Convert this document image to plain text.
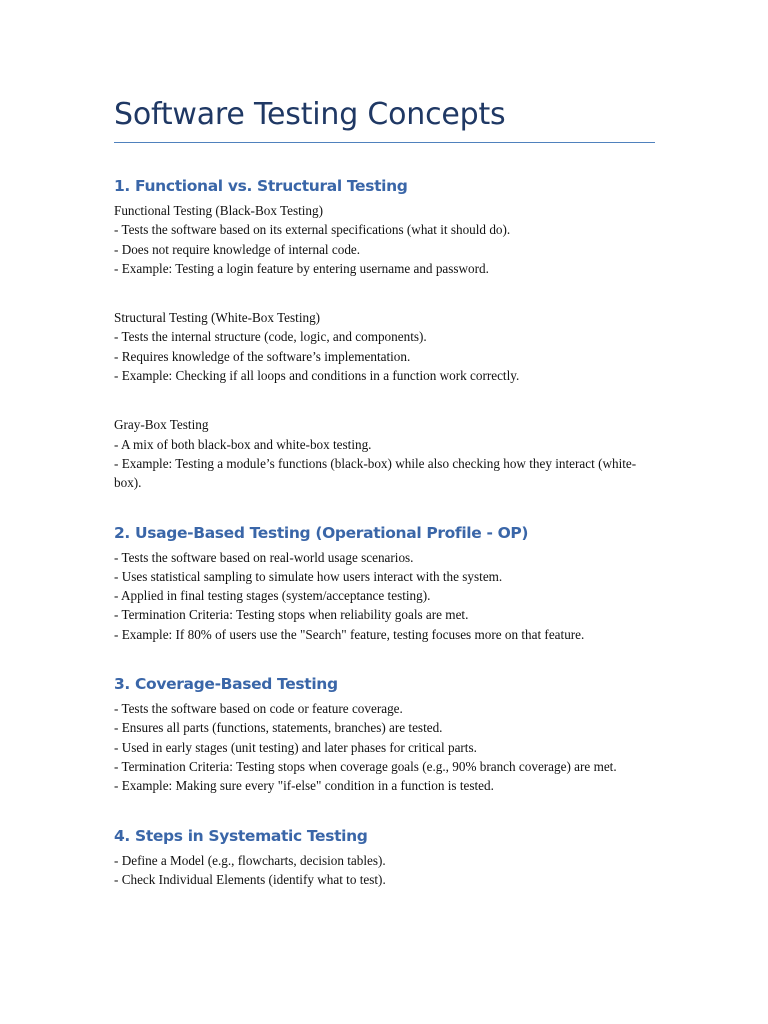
Software Testing Concepts
1. Functional vs. Structural Testing

Functional Testing (Black-Box Testing)

- Tests the software based on its external specifications (what it should do).

- Does not require knowledge of internal code.

- Example: Testing a login feature by entering username and password.

Structural Testing (White-Box Testing)

- Tests the internal structure (code, logic, and components).

- Requires knowledge of the software’s implementation.

- Example: Checking if all loops and conditions in a function work correctly.

Gray-Box Testing

- A mix of both black-box and white-box testing.

- Example: Testing a module’s functions (black-box) while also checking how they interact (white-box).

2. Usage-Based Testing (Operational Profile - OP)

- Tests the software based on real-world usage scenarios.

- Uses statistical sampling to simulate how users interact with the system.

- Applied in final testing stages (system/acceptance testing).

- Termination Criteria: Testing stops when reliability goals are met.

- Example: If 80% of users use the "Search" feature, testing focuses more on that feature.

3. Coverage-Based Testing

- Tests the software based on code or feature coverage.

- Ensures all parts (functions, statements, branches) are tested.

- Used in early stages (unit testing) and later phases for critical parts.

- Termination Criteria: Testing stops when coverage goals (e.g., 90% branch coverage) are met.

- Example: Making sure every "if-else" condition in a function is tested.

4. Steps in Systematic Testing

- Define a Model (e.g., flowcharts, decision tables).

- Check Individual Elements (identify what to test).
